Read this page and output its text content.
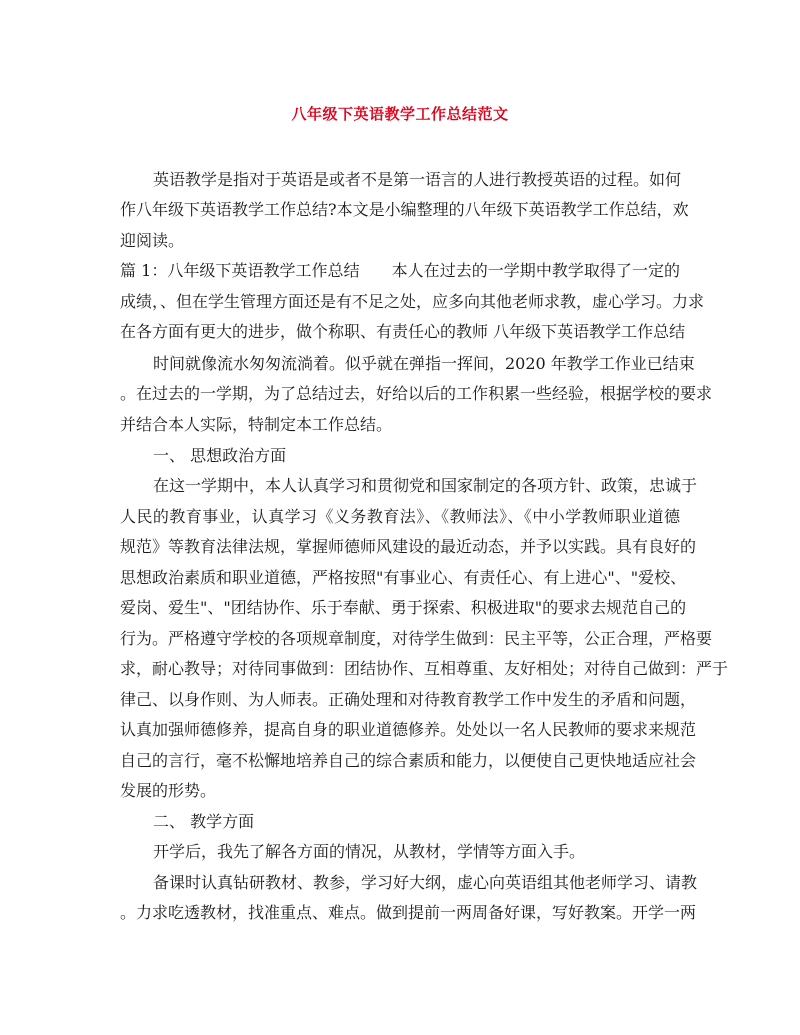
八年级下英语教学工作总结范文
英语教学是指对于英语是或者不是第一语言的人进行教授英语的过程。如何
作八年级下英语教学工作总结?本文是小编整理的八年级下英语教学工作总结，欢
迎阅读。
篇 1：八年级下英语教学工作总结　　本人在过去的一学期中教学取得了一定的
成绩，、但在学生管理方面还是有不足之处，应多向其他老师求教，虚心学习。力求
在各方面有更大的进步，做个称职、有责任心的教师 八年级下英语教学工作总结
时间就像流水匆匆流淌着。似乎就在弹指一挥间，2020 年教学工作业已结束
。在过去的一学期，为了总结过去，好给以后的工作积累一些经验，根据学校的要求
并结合本人实际，特制定本工作总结。
一、 思想政治方面
在这一学期中，本人认真学习和贯彻党和国家制定的各项方针、政策，忠诚于
人民的教育事业，认真学习《义务教育法》、《教师法》、《中小学教师职业道德
规范》等教育法律法规，掌握师德师风建设的最近动态，并予以实践。具有良好的
思想政治素质和职业道德，严格按照"有事业心、有责任心、有上进心"、"爱校、
爱岗、爱生"、"团结协作、乐于奉献、勇于探索、积极进取"的要求去规范自己的
行为。严格遵守学校的各项规章制度，对待学生做到：民主平等，公正合理，严格要
求，耐心教导；对待同事做到：团结协作、互相尊重、友好相处；对待自己做到：严于
律己、以身作则、为人师表。正确处理和对待教育教学工作中发生的矛盾和问题，
认真加强师德修养，提高自身的职业道德修养。处处以一名人民教师的要求来规范
自己的言行，毫不松懈地培养自己的综合素质和能力，以便使自己更快地适应社会
发展的形势。
二、 教学方面
开学后，我先了解各方面的情况，从教材，学情等方面入手。
备课时认真钻研教材、教参，学习好大纲，虚心向英语组其他老师学习、请教
。力求吃透教材，找准重点、难点。做到提前一两周备好课，写好教案。开学一两
